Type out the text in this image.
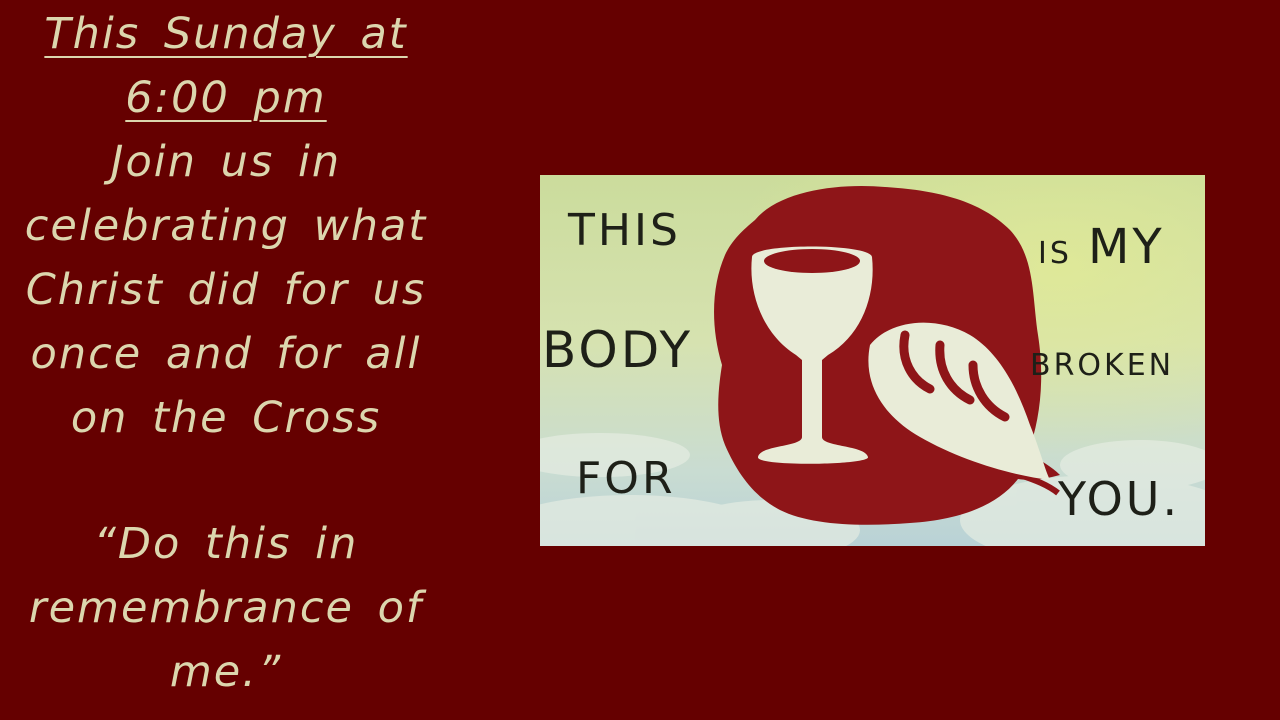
This Sunday at
6:00 pm
Join us in
celebrating what
Christ did for us
once and for all
on the Cross
“Do this in
remembrance of
me.”
THIS	IS MY
BODY	BROKEN
FOR	YOU.
